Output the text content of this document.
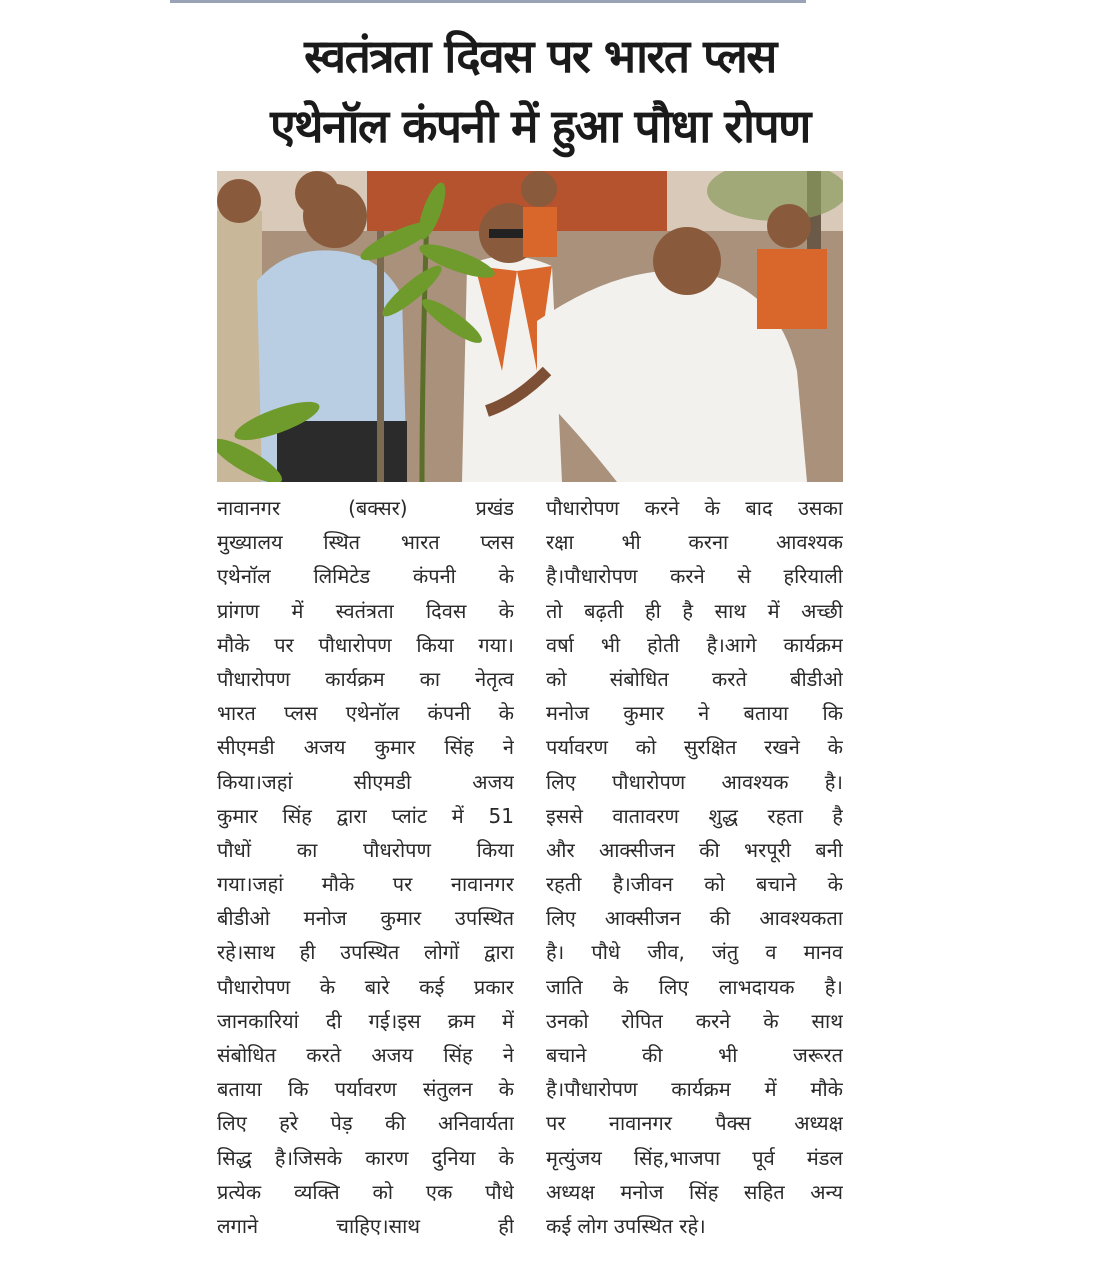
स्वतंत्रता दिवस पर भारत प्लस
एथेनॉल कंपनी में हुआ पौधा रोपण
नावानगर (बक्सर) प्रखंड
मुख्यालय स्थित भारत प्लस
एथेनॉल लिमिटेड कंपनी के
प्रांगण में स्वतंत्रता दिवस के
मौके पर पौधारोपण किया गया।
पौधारोपण कार्यक्रम का नेतृत्व
भारत प्लस एथेनॉल कंपनी के
सीएमडी अजय कुमार सिंह ने
किया।जहां सीएमडी अजय
कुमार सिंह द्वारा प्लांट में 51
पौधों का पौधरोपण किया
गया।जहां मौके पर नावानगर
बीडीओ मनोज कुमार उपस्थित
रहे।साथ ही उपस्थित लोगों द्वारा
पौधारोपण के बारे कई प्रकार
जानकारियां दी गई।इस क्रम में
संबोधित करते अजय सिंह ने
बताया कि पर्यावरण संतुलन के
लिए हरे पेड़ की अनिवार्यता
सिद्ध है।जिसके कारण दुनिया के
प्रत्येक व्यक्ति को एक पौधे
लगाने चाहिए।साथ ही
पौधारोपण करने के बाद उसका
रक्षा भी करना आवश्यक
है।पौधारोपण करने से हरियाली
तो बढ़ती ही है साथ में अच्छी
वर्षा भी होती है।आगे कार्यक्रम
को संबोधित करते बीडीओ
मनोज कुमार ने बताया कि
पर्यावरण को सुरक्षित रखने के
लिए पौधारोपण आवश्यक है।
इससे वातावरण शुद्ध रहता है
और आक्सीजन की भरपूरी बनी
रहती है।जीवन को बचाने के
लिए आक्सीजन की आवश्यकता
है। पौधे जीव, जंतु व मानव
जाति के लिए लाभदायक है।
उनको रोपित करने के साथ
बचाने की भी जरूरत
है।पौधारोपण कार्यक्रम में मौके
पर नावानगर पैक्स अध्यक्ष
मृत्युंजय सिंह,भाजपा पूर्व मंडल
अध्यक्ष मनोज सिंह सहित अन्य
कई लोग उपस्थित रहे।
